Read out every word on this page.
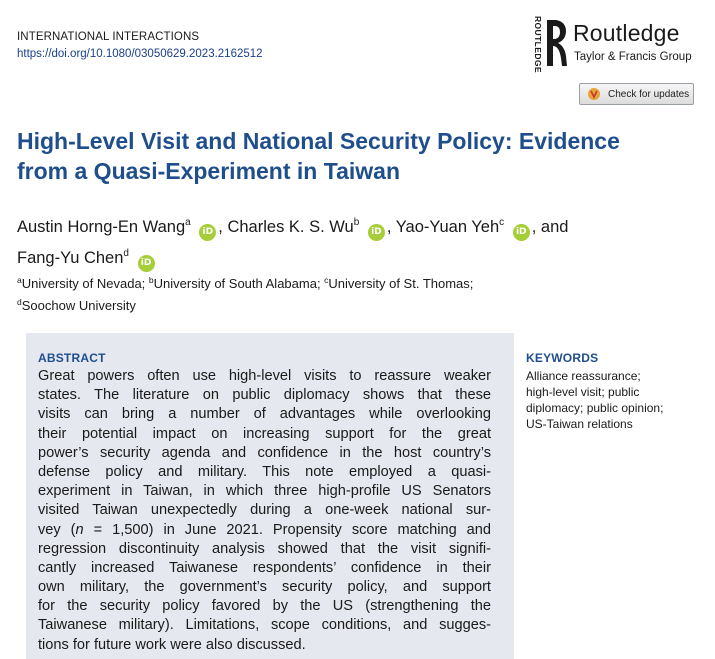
INTERNATIONAL INTERACTIONS
https://doi.org/10.1080/03050629.2023.2162512	ROUTLEDGE Routledge
Taylor & Francis Group
Check for updates
High-Level Visit and National Security Policy: Evidence
from a Quasi-Experiment in Taiwan
Austin Horng-En Wang$^a$ iD , Charles K. S. Wu$^b$ iD , Yao-Yuan Yeh$^c$ iD , and
Fang-Yu Chen$^d$ iD
$^a$University of Nevada; $^b$University of South Alabama; $^c$University of St. Thomas;
$^d$Soochow University
ABSTRACT
Great powers often use high-level visits to reassure weaker
states. The literature on public diplomacy shows that these
visits can bring a number of advantages while overlooking
their potential impact on increasing support for the great
power’s security agenda and confidence in the host country’s
defense policy and military. This note employed a quasi-
experiment in Taiwan, in which three high-profile US Senators
visited Taiwan unexpectedly during a one-week national sur-
vey (n = 1,500) in June 2021. Propensity score matching and
regression discontinuity analysis showed that the visit signifi-
cantly increased Taiwanese respondents’ confidence in their
own military, the government’s security policy, and support
for the security policy favored by the US (strengthening the
Taiwanese military). Limitations, scope conditions, and sugges-
tions for future work were also discussed.
KEYWORDS
Alliance reassurance;
high-level visit; public
diplomacy; public opinion;
US-Taiwan relations
